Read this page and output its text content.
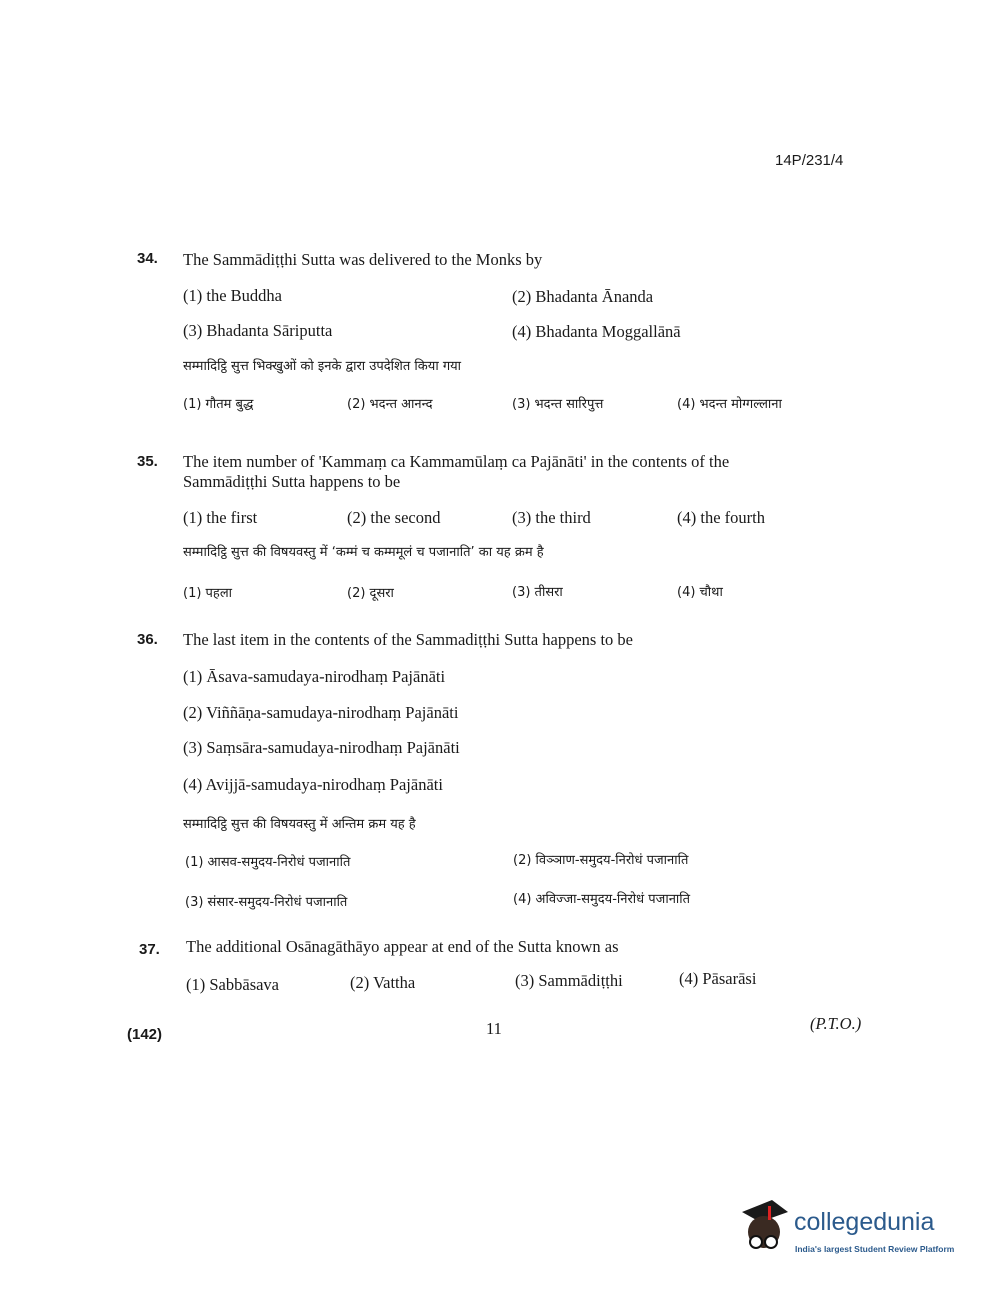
14P/231/4
34. The Sammādiṭṭhi Sutta was delivered to the Monks by
(1) the Buddha	(2) Bhadanta Ānanda
(3) Bhadanta Sāriputta	(4) Bhadanta Moggallānā
सम्मादिट्ठि सुत्त भिक्खुओं को इनके द्वारा उपदेशित किया गया
(1) गौतम बुद्ध	(2) भदन्त आनन्द	(3) भदन्त सारिपुत्त	(4) भदन्त मोग्गल्लाना
35. The item number of 'Kammaṃ ca Kammamūlaṃ ca Pajānāti' in the contents of the
Sammādiṭṭhi Sutta happens to be
(1) the first	(2) the second	(3) the third	(4) the fourth
सम्मादिट्ठि सुत्त की विषयवस्तु में ‘कम्मं च कम्ममूलं च पजानाति’ का यह क्रम है
(1) पहला	(2) दूसरा	(3) तीसरा	(4) चौथा
36. The last item in the contents of the Sammadiṭṭhi Sutta happens to be
(1) Āsava-samudaya-nirodhaṃ Pajānāti
(2) Viññāṇa-samudaya-nirodhaṃ Pajānāti
(3) Saṃsāra-samudaya-nirodhaṃ Pajānāti
(4) Avijjā-samudaya-nirodhaṃ Pajānāti
सम्मादिट्ठि सुत्त की विषयवस्तु में अन्तिम क्रम यह है
(1) आसव-समुदय-निरोधं पजानाति	(2) विञ्ञाण-समुदय-निरोधं पजानाति
(3) संसार-समुदय-निरोधं पजानाति	(4) अविज्जा-समुदय-निरोधं पजानाति
37. The additional Osānagāthāyo appear at end of the Sutta known as
(1) Sabbāsava	(2) Vattha	(3) Sammādiṭṭhi	(4) Pāsarāsi
(142)	11	(P.T.O.)
collegedunia
India's largest Student Review Platform
